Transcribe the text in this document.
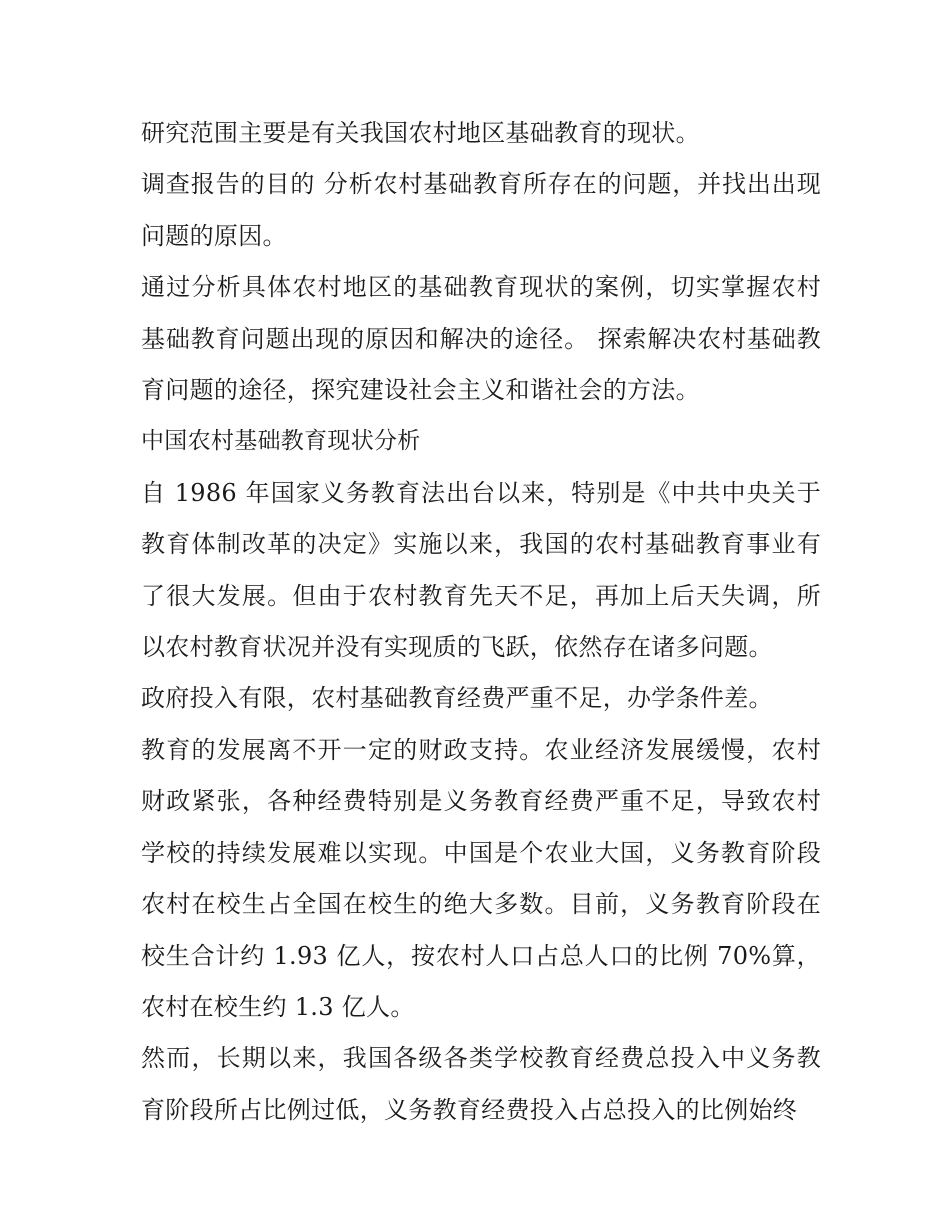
研究范围主要是有关我国农村地区基础教育的现状。

调查报告的目的 分析农村基础教育所存在的问题，并找出出现问题的原因。

通过分析具体农村地区的基础教育现状的案例，切实掌握农村基础教育问题出现的原因和解决的途径。 探索解决农村基础教育问题的途径，探究建设社会主义和谐社会的方法。

中国农村基础教育现状分析

自 1986 年国家义务教育法出台以来，特别是《中共中央关于教育体制改革的决定》实施以来，我国的农村基础教育事业有了很大发展。但由于农村教育先天不足，再加上后天失调，所以农村教育状况并没有实现质的飞跃，依然存在诸多问题。

政府投入有限，农村基础教育经费严重不足，办学条件差。

教育的发展离不开一定的财政支持。农业经济发展缓慢，农村财政紧张，各种经费特别是义务教育经费严重不足，导致农村学校的持续发展难以实现。中国是个农业大国，义务教育阶段农村在校生占全国在校生的绝大多数。目前，义务教育阶段在校生合计约 1.93 亿人，按农村人口占总人口的比例 70%算，农村在校生约 1.3 亿人。

然而，长期以来，我国各级各类学校教育经费总投入中义务教育阶段所占比例过低，义务教育经费投入占总投入的比例始终
